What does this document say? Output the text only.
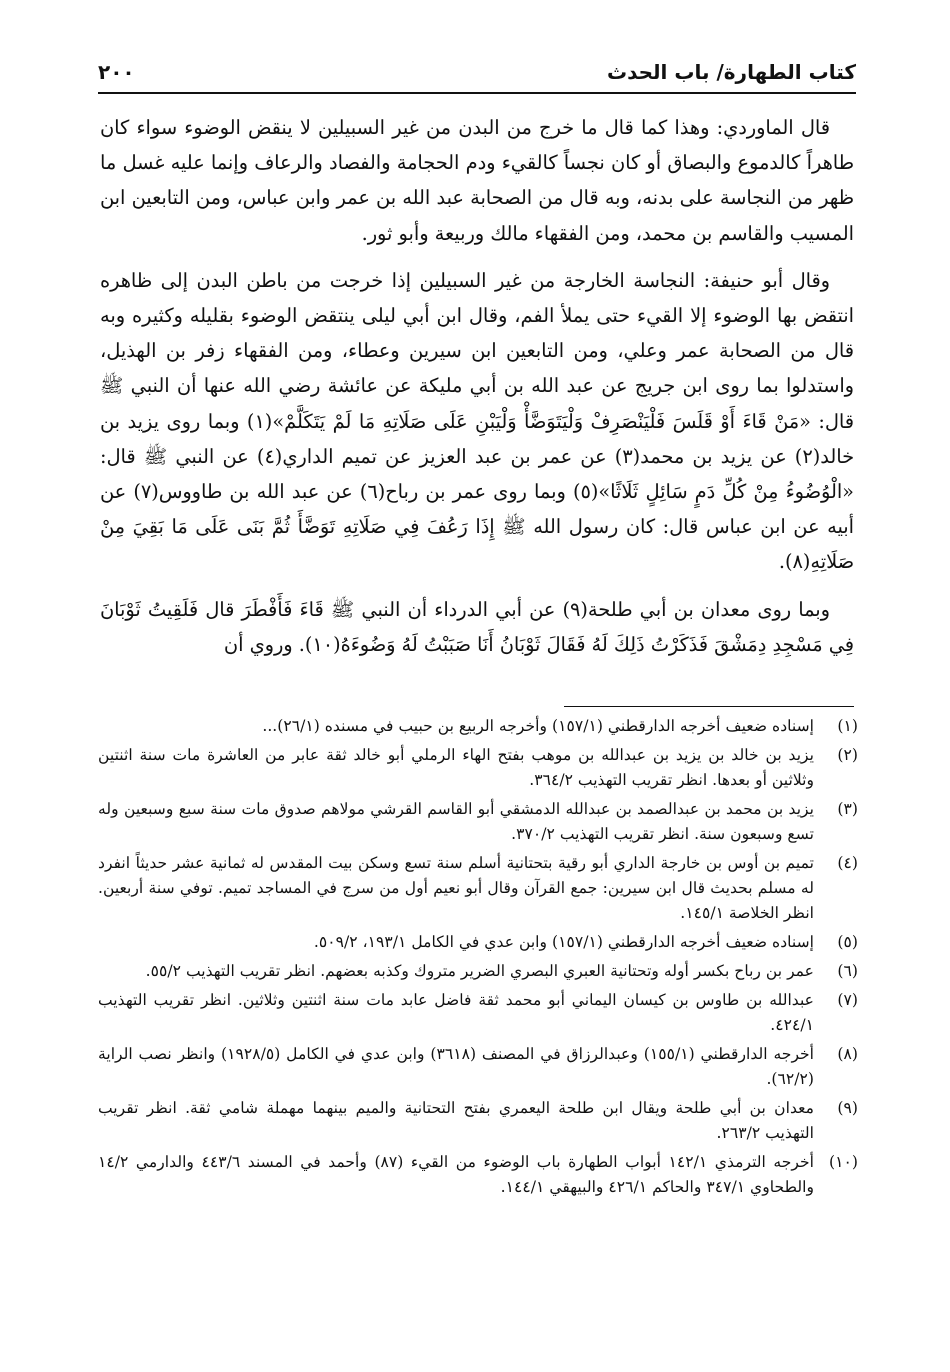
كتاب الطهارة/ باب الحدث
٢٠٠

قال الماوردي: وهذا كما قال ما خرج من البدن من غير السبيلين لا ينقض الوضوء سواء كان طاهراً كالدموع والبصاق أو كان نجساً كالقيء ودم الحجامة والفصاد والرعاف وإنما عليه غسل ما ظهر من النجاسة على بدنه، وبه قال من الصحابة عبد الله بن عمر وابن عباس، ومن التابعين ابن المسيب والقاسم بن محمد، ومن الفقهاء مالك وربيعة وأبو ثور.

وقال أبو حنيفة: النجاسة الخارجة من غير السبيلين إذا خرجت من باطن البدن إلى ظاهره انتقض بها الوضوء إلا القيء حتى يملأ الفم، وقال ابن أبي ليلى ينتقض الوضوء بقليله وكثيره وبه قال من الصحابة عمر وعلي، ومن التابعين ابن سيرين وعطاء، ومن الفقهاء زفر بن الهذيل، واستدلوا بما روى ابن جريج عن عبد الله بن أبي مليكة عن عائشة رضي الله عنها أن النبي ﷺ قال: «مَنْ قَاءَ أَوْ قَلَسَ فَلْيَنْصَرِفْ وَلْيَتَوَضَّأْ وَلْيَبْنِ عَلَى صَلَاتِهِ مَا لَمْ يَتَكَلَّمْ»(١) وبما روى يزيد بن خالد(٢) عن يزيد بن محمد(٣) عن عمر بن عبد العزيز عن تميم الداري(٤) عن النبي ﷺ قال: «الْوُضُوءُ مِنْ كُلِّ دَمٍ سَائِلٍ ثَلَاثًا»(٥) وبما روى عمر بن رباح(٦) عن عبد الله بن طاووس(٧) عن أبيه عن ابن عباس قال: كان رسول الله ﷺ إِذَا رَعُفَ فِي صَلَاتِهِ تَوَضَّأَ ثُمَّ بَنَى عَلَى مَا بَقِيَ مِنْ صَلَاتِهِ(٨).

وبما روى معدان بن أبي طلحة(٩) عن أبي الدرداء أن النبي ﷺ قَاءَ فَأَفْطَرَ قال فَلَقِيتُ ثَوْبَانَ فِي مَسْجِدِ دِمَشْقَ فَذَكَرْتُ ذَلِكَ لَهُ فَقَالَ ثَوْبَانُ أَنَا صَبَبْتُ لَهُ وَضُوءَهُ(١٠). وروي أن

(١)
إسناده ضعيف أخرجه الدارقطني (١٥٧/١) وأخرجه الربيع بن حبيب في مسنده (٢٦/١)...
(٢)
يزيد بن خالد بن يزيد بن عبدالله بن موهب بفتح الهاء الرملي أبو خالد ثقة عابر من العاشرة مات سنة اثنتين وثلاثين أو بعدها. انظر تقريب التهذيب ٣٦٤/٢.
(٣)
يزيد بن محمد بن عبدالصمد بن عبدالله الدمشقي أبو القاسم القرشي مولاهم صدوق مات سنة سبع وسبعين وله تسع وسبعون سنة. انظر تقريب التهذيب ٣٧٠/٢.
(٤)
تميم بن أوس بن خارجة الداري أبو رقية بتحتانية أسلم سنة تسع وسكن بيت المقدس له ثمانية عشر حديثاً انفرد له مسلم بحديث قال ابن سيرين: جمع القرآن وقال أبو نعيم أول من سرج في المساجد تميم. توفي سنة أربعين. انظر الخلاصة ١٤٥/١.
(٥)
إسناده ضعيف أخرجه الدارقطني (١٥٧/١) وابن عدي في الكامل ١٩٣/١، ٥٠٩/٢.
(٦)
عمر بن رباح بكسر أوله وتحتانية العبري البصري الضرير متروك وكذبه بعضهم. انظر تقريب التهذيب ٥٥/٢.
(٧)
عبدالله بن طاوس بن كيسان اليماني أبو محمد ثقة فاضل عابد مات سنة اثنتين وثلاثين. انظر تقريب التهذيب ٤٢٤/١.
(٨)
أخرجه الدارقطني (١٥٥/١) وعبدالرزاق في المصنف (٣٦١٨) وابن عدي في الكامل (١٩٢٨/٥) وانظر نصب الراية (٦٢/٢).
(٩)
معدان بن أبي طلحة ويقال ابن طلحة اليعمري بفتح التحتانية والميم بينهما مهملة شامي ثقة. انظر تقريب التهذيب ٢٦٣/٢.
(١٠)
أخرجه الترمذي ١٤٢/١ أبواب الطهارة باب الوضوء من القيء (٨٧) وأحمد في المسند ٤٤٣/٦ والدارمي ١٤/٢ والطحاوي ٣٤٧/١ والحاكم ٤٢٦/١ والبيهقي ١٤٤/١.
